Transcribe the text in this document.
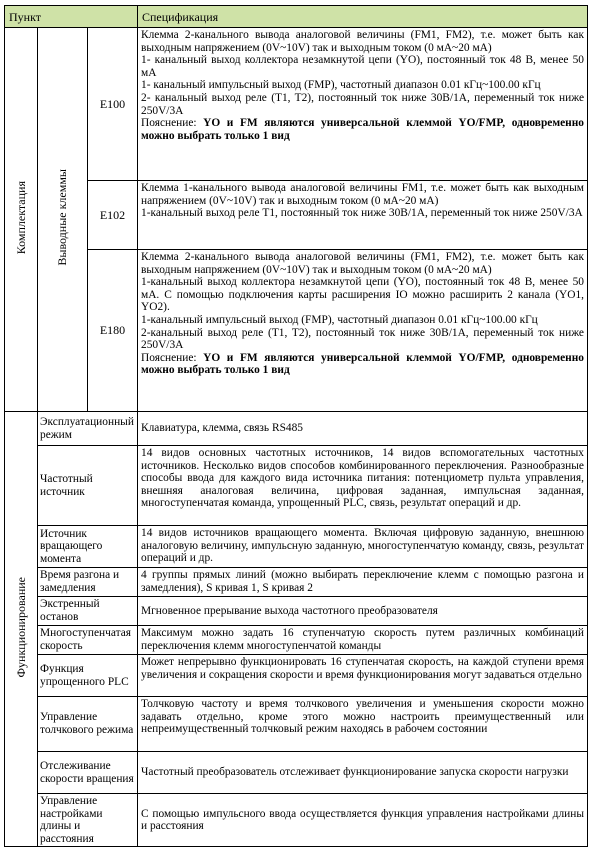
Пункт			Спецификация
Комплектация	Выводные клеммы	E100	Клемма 2-канального вывода аналоговой величины (FM1, FM2), т.е. может быть как выходным напряжением (0V~10V) так и выходным током (0 мА~20 мА)

1- канальный выход коллектора незамкнутой цепи (YO), постоянный ток 48 В, менее 50 мА

1- канальный импульсный выход (FMP), частотный диапазон 0.01 кГц~100.00 кГц

2- канальный выход реле (T1, T2), постоянный ток ниже 30В/1А, переменный ток ниже 250V/3A

Пояснение: YO и FM являются универсальной клеммой YO/FMP, одновременно можно выбрать только 1 вид

		E102	Клемма 1-канального вывода аналоговой величины FM1, т.е. может быть как выходным напряжением (0V~10V) так и выходным током (0 мА~20 мА)

1-канальный выход реле T1, постоянный ток ниже 30В/1А, переменный ток ниже 250V/3A

		E180	Клемма 2-канального вывода аналоговой величины (FM1, FM2), т.е. может быть как выходным напряжением (0V~10V) так и выходным током (0 мА~20 мА)

1-канальный выход коллектора незамкнутой цепи (YO), постоянный ток 48 В, менее 50 мА. С помощью подключения карты расширения IO можно расширить 2 канала (YO1, YO2).

1-канальный импульсный выход (FMP), частотный диапазон 0.01 кГц~100.00 кГц

2-канальный выход реле (T1, T2), постоянный ток ниже 30В/1А, переменный ток ниже 250V/3A

Пояснение: YO и FM являются универсальной клеммой YO/FMP, одновременно можно выбрать только 1 вид

Функционирование	Эксплуатационный режим		Клавиатура, клемма, связь RS485
	Частотный источник		14 видов основных частотных источников, 14 видов вспомогательных частотных источников. Несколько видов способов комбинированного переключения. Разнообразные способы ввода для каждого вида источника питания: потенциометр пульта управления, внешняя аналоговая величина, цифровая заданная, импульсная заданная, многоступенчатая команда, упрощенный PLC, связь, результат операций и др.
	Источник вращающего момента		14 видов источников вращающего момента. Включая цифровую заданную, внешнюю аналоговую величину, импульсную заданную, многоступенчатую команду, связь, результат операций и др.
	Время разгона и замедления		4 группы прямых линий (можно выбирать переключение клемм с помощью разгона и замедления), S кривая 1, S кривая 2
	Экстренный останов		Мгновенное прерывание выхода частотного преобразователя
	Многоступенчатая скорость		Максимум можно задать 16 ступенчатую скорость путем различных комбинаций переключения клемм многоступенчатой команды
	Функция упрощенного PLC		Может непрерывно функционировать 16 ступенчатая скорость, на каждой ступени время увеличения и сокращения скорости и время функционирования могут задаваться отдельно
	Управление толчкового режима		Толчковую частоту и время толчкового увеличения и уменьшения скорости можно задавать отдельно, кроме этого можно настроить преимущественный или непреимущественный толчковый режим находясь в рабочем состоянии
	Отслеживание скорости вращения		Частотный преобразователь отслеживает функционирование запуска скорости нагрузки
	Управление настройками длины и расстояния		С помощью импульсного ввода осуществляется функция управления настройками длины и расстояния
